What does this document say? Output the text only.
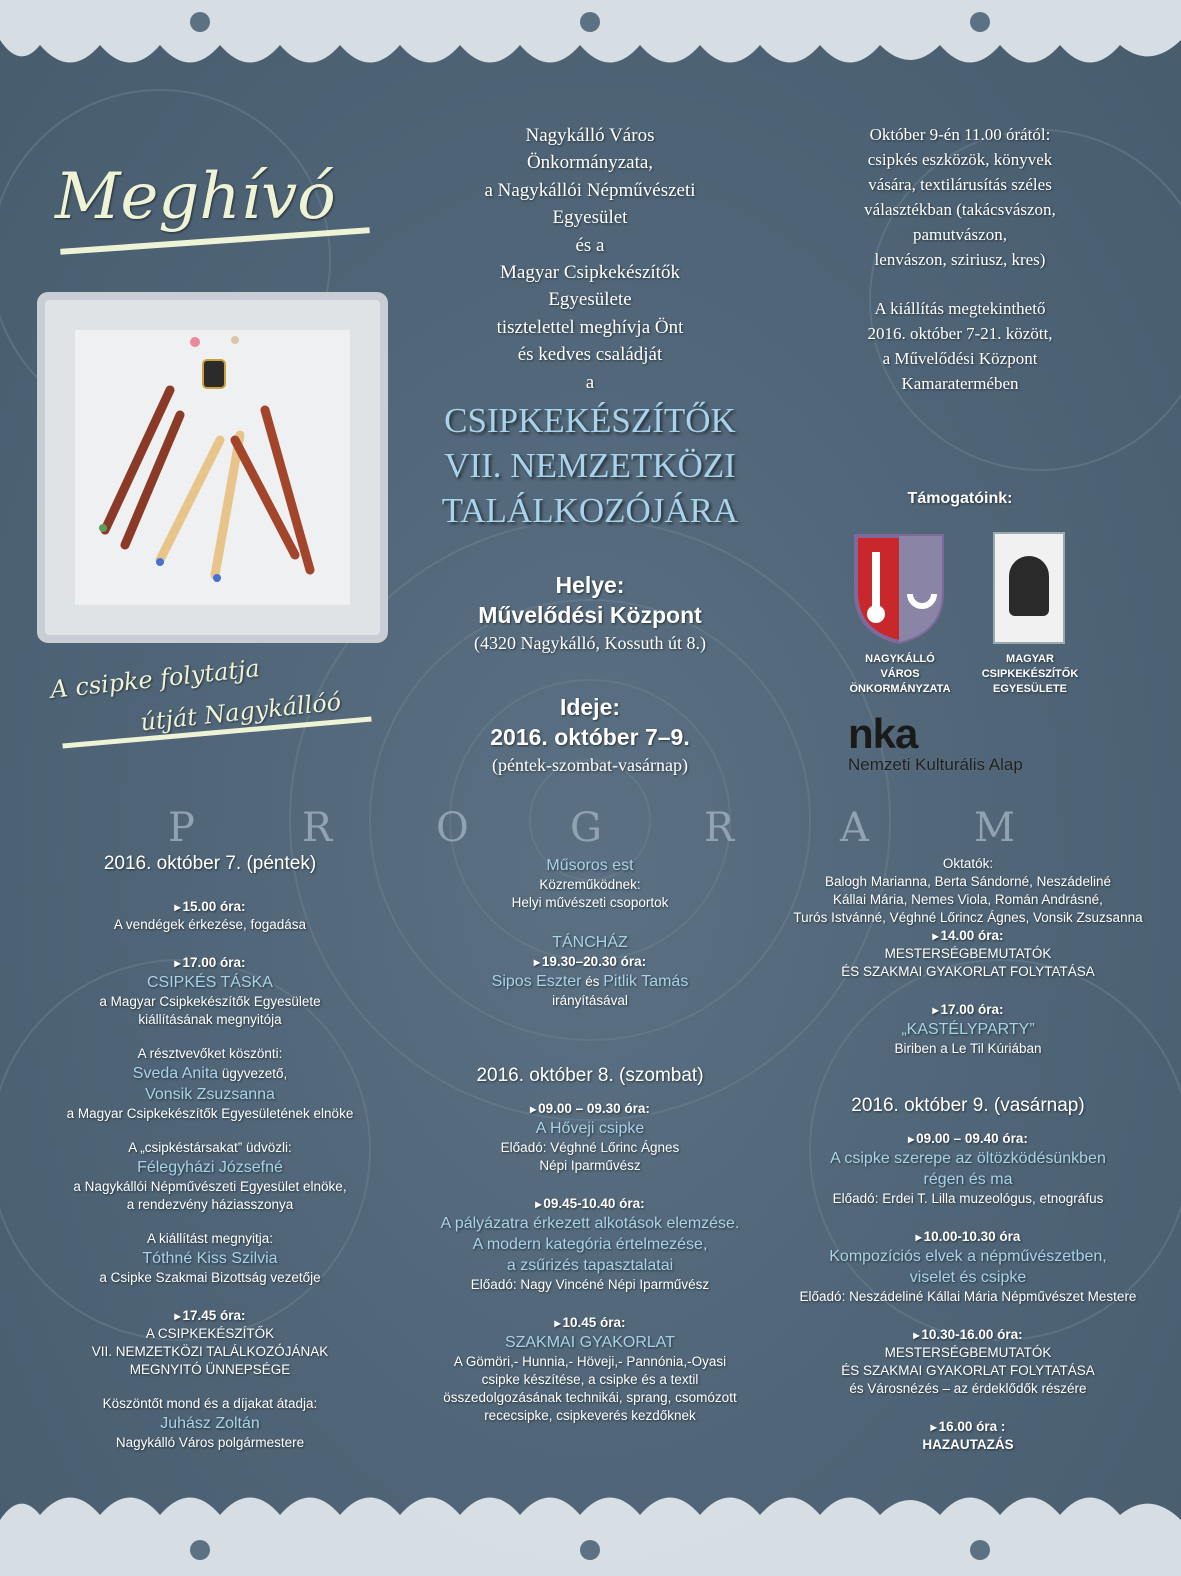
Meghívó
A csipke folytatja
útját Nagykállóó
Nagykálló Város
Önkormányzata,
a Nagykállói Népművészeti
Egyesület
és a
Magyar Csipkekészítők
Egyesülete
tisztelettel meghívja Önt
és kedves családját
a
CSIPKEKÉSZÍTŐK
VII. NEMZETKÖZI
TALÁLKOZÓJÁRA
Helye:
Művelődési Központ
(4320 Nagykálló, Kossuth út 8.)
Ideje:
2016. október 7–9.
(péntek-szombat-vasárnap)
Október 9-én 11.00 órától:
csipkés eszközök, könyvek
vására, textilárusítás széles
választékban (takácsvászon,
pamutvászon,
lenvászon, sziriusz, kres)
A kiállítás megtekinthető
2016. október 7-21. között,
a Művelődési Központ
Kamaratermében
Támogatóink:
NAGYKÁLLÓ
VÁROS
ÖNKORMÁNYZATA
MAGYAR
CSIPKEKÉSZÍTŐK
EGYESÜLETE
nka
Nemzeti Kulturális Alap
P	R	O	G	R	A	M
2016. október 7. (péntek)
▸ 15.00 óra:
A vendégek érkezése, fogadása
▸ 17.00 óra:
CSIPKÉS TÁSKA
a Magyar Csipkekészítők Egyesülete
kiállításának megnyitója
A résztvevőket köszönti:
Sveda Anita ügyvezető,
Vonsik Zsuzsanna
a Magyar Csipkekészítők Egyesületének elnöke
A „csipkéstársakat” üdvözli:
Félegyházi Józsefné
a Nagykállói Népművészeti Egyesület elnöke,
a rendezvény háziasszonya
A kiállítást megnyitja:
Tóthné Kiss Szilvia
a Csipke Szakmai Bizottság vezetője
▸ 17.45 óra:
A CSIPKEKÉSZÍTŐK
VII. NEMZETKÖZI TALÁLKOZÓJÁNAK
MEGNYITÓ ÜNNEPSÉGE
Köszöntőt mond és a díjakat átadja:
Juhász Zoltán
Nagykálló Város polgármestere
Műsoros est
Közreműködnek:
Helyi művészeti csoportok
TÁNCHÁZ
▸ 19.30–20.30 óra:
Sipos Eszter és Pitlik Tamás
irányításával
2016. október 8. (szombat)
▸ 09.00 – 09.30 óra:
A Hőveji csipke
Előadó: Véghné Lőrinc Ágnes
Népi Iparművész
▸ 09.45-10.40 óra:
A pályázatra érkezett alkotások elemzése.
A modern kategória értelmezése,
a zsűrizés tapasztalatai
Előadó: Nagy Vincéné Népi Iparművész
▸ 10.45 óra:
SZAKMAI GYAKORLAT
A Gömöri,- Hunnia,- Höveji,- Pannónia,-Oyasi
csipke készítése, a csipke és a textil
összedolgozásának technikái, sprang, csomózott
rececsipke, csipkeverés kezdőknek
Oktatók:
Balogh Marianna, Berta Sándorné, Neszádeliné
Kállai Mária, Nemes Viola, Román Andrásné,
Turós Istvánné, Véghné Lőrincz Ágnes, Vonsik Zsuzsanna
▸ 14.00 óra:
MESTERSÉGBEMUTATÓK
ÉS SZAKMAI GYAKORLAT FOLYTATÁSA
▸ 17.00 óra:
„KASTÉLYPARTY”
Biriben a Le Til Kúriában
2016. október 9. (vasárnap)
▸ 09.00 – 09.40 óra:
A csipke szerepe az öltözködésünkben
régen és ma
Előadó: Erdei T. Lilla muzeológus, etnográfus
▸ 10.00-10.30 óra
Kompozíciós elvek a népművészetben,
viselet és csipke
Előadó: Neszádeliné Kállai Mária Népművészet Mestere
▸ 10.30-16.00 óra:
MESTERSÉGBEMUTATÓK
ÉS SZAKMAI GYAKORLAT FOLYTATÁSA
és Városnézés – az érdeklődők részére
▸ 16.00 óra :
HAZAUTAZÁS
